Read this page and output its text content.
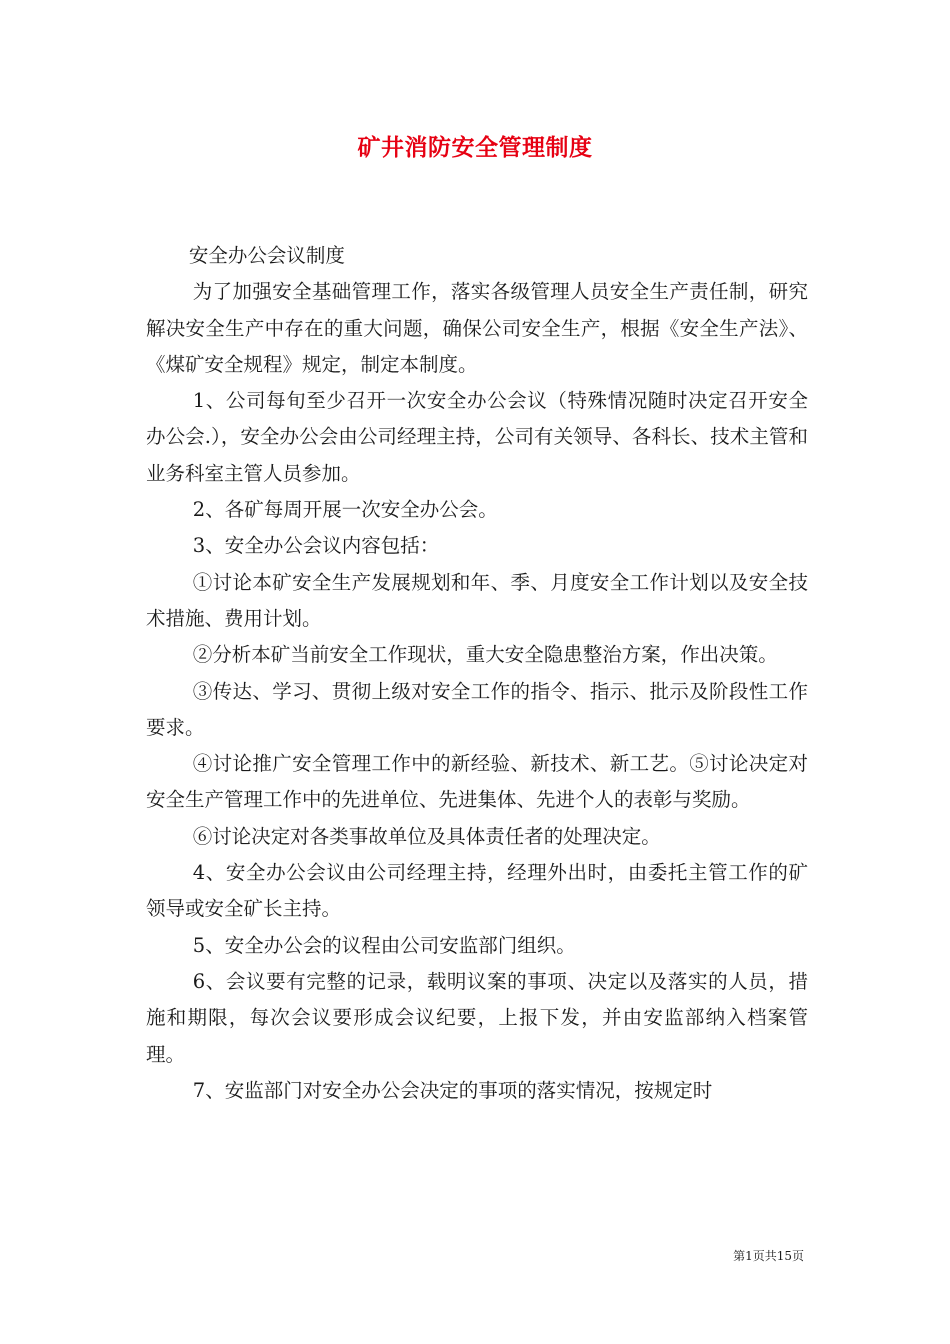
矿井消防安全管理制度

安全办公会议制度

为了加强安全基础管理工作，落实各级管理人员安全生产责任制，研究解决安全生产中存在的重大问题，确保公司安全生产，根据《安全生产法》、《煤矿安全规程》规定，制定本制度。

1、公司每旬至少召开一次安全办公会议（特殊情况随时决定召开安全办公会.），安全办公会由公司经理主持，公司有关领导、各科长、技术主管和业务科室主管人员参加。

2、各矿每周开展一次安全办公会。

3、安全办公会议内容包括：

①讨论本矿安全生产发展规划和年、季、月度安全工作计划以及安全技术措施、费用计划。

②分析本矿当前安全工作现状，重大安全隐患整治方案，作出决策。

③传达、学习、贯彻上级对安全工作的指令、指示、批示及阶段性工作要求。

④讨论推广安全管理工作中的新经验、新技术、新工艺。⑤讨论决定对安全生产管理工作中的先进单位、先进集体、先进个人的表彰与奖励。

⑥讨论决定对各类事故单位及具体责任者的处理决定。

4、安全办公会议由公司经理主持，经理外出时，由委托主管工作的矿领导或安全矿长主持。

5、安全办公会的议程由公司安监部门组织。

6、会议要有完整的记录，载明议案的事项、决定以及落实的人员，措施和期限，每次会议要形成会议纪要，上报下发，并由安监部纳入档案管理。

7、安监部门对安全办公会决定的事项的落实情况，按规定时

第1页共15页
